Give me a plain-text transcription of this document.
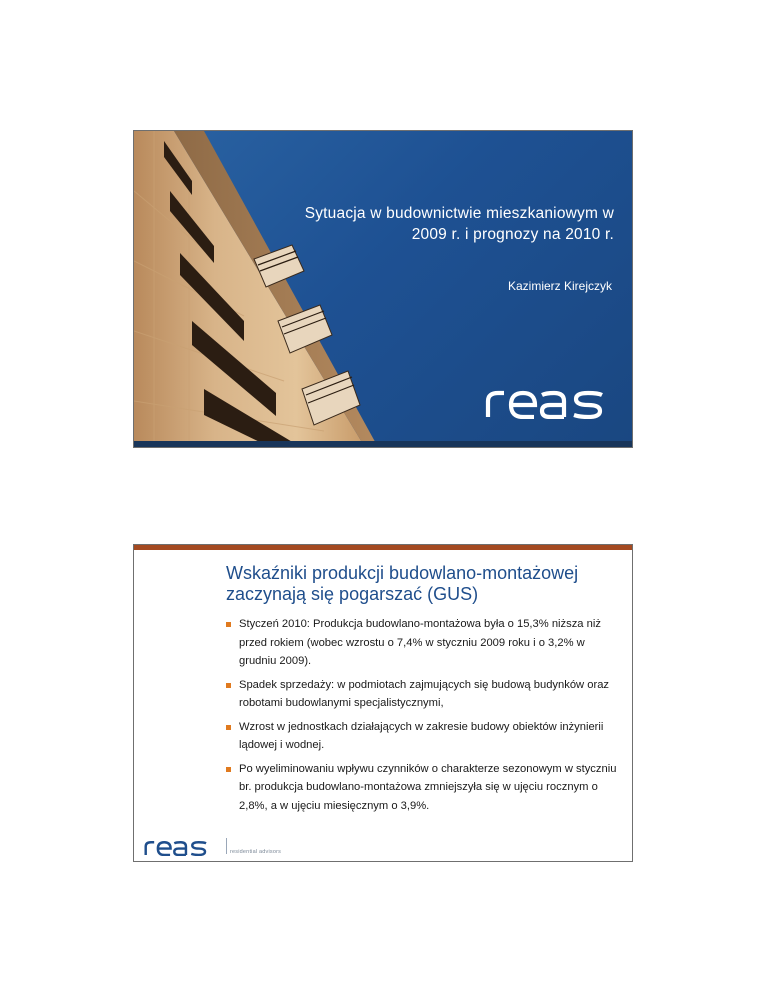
Sytuacja w budownictwie mieszkaniowym w
2009 r. i prognozy na 2010 r.
Kazimierz Kirejczyk
Wskaźniki produkcji budowlano-montażowej
zaczynają się pogarszać (GUS)
Styczeń 2010: Produkcja budowlano-montażowa była o 15,3% niższa niż przed rokiem (wobec wzrostu o 7,4% w styczniu 2009 roku i o 3,2% w grudniu 2009).
Spadek sprzedaży: w podmiotach zajmujących się budową budynków oraz robotami budowlanymi specjalistycznymi,
Wzrost w jednostkach działających w zakresie budowy obiektów inżynierii lądowej i wodnej.
Po wyeliminowaniu wpływu czynników o charakterze sezonowym w styczniu br. produkcja budowlano-montażowa zmniejszyła się w ujęciu rocznym o 2,8%, a w ujęciu miesięcznym o 3,9%.
residential advisors
